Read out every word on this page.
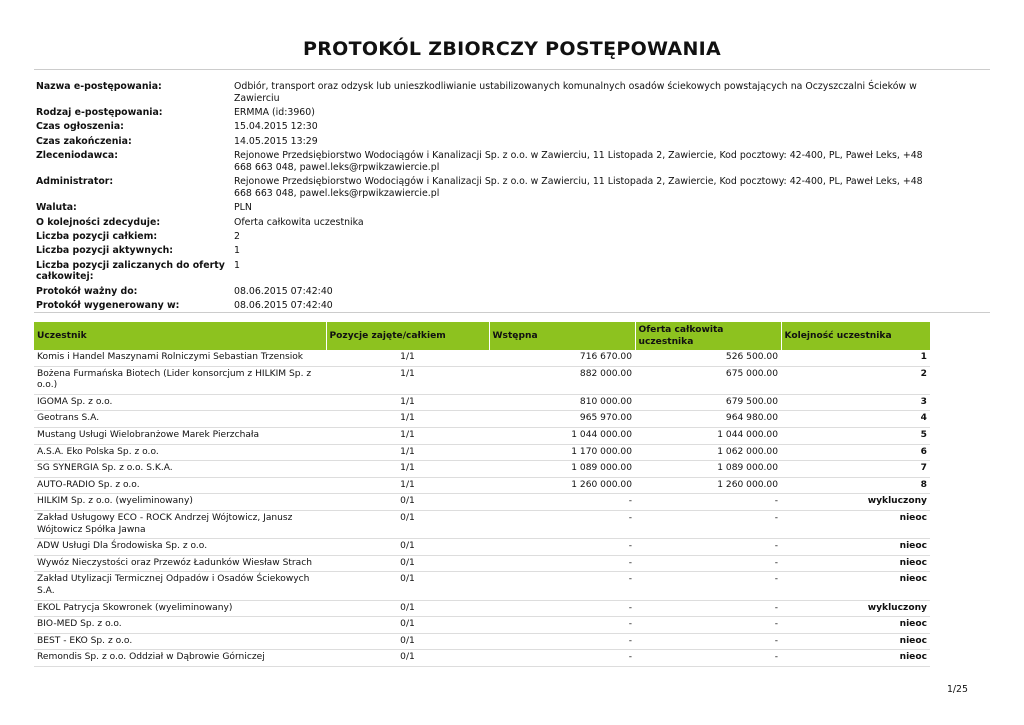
PROTOKÓL ZBIORCZY POSTĘPOWANIA
Nazwa e-postępowania:	Odbiór, transport oraz odzysk lub unieszkodliwianie ustabilizowanych komunalnych osadów ściekowych powstających na Oczyszczalni Ścieków w Zawierciu
Rodzaj e-postępowania:	ERMMA (id:3960)
Czas ogłoszenia:	15.04.2015 12:30
Czas zakończenia:	14.05.2015 13:29
Zleceniodawca:	Rejonowe Przedsiębiorstwo Wodociągów i Kanalizacji Sp. z o.o. w Zawierciu, 11 Listopada 2, Zawiercie, Kod pocztowy: 42-400, PL, Paweł Leks, +48 668 663 048, pawel.leks@rpwikzawiercie.pl
Administrator:	Rejonowe Przedsiębiorstwo Wodociągów i Kanalizacji Sp. z o.o. w Zawierciu, 11 Listopada 2, Zawiercie, Kod pocztowy: 42-400, PL, Paweł Leks, +48 668 663 048, pawel.leks@rpwikzawiercie.pl
Waluta:	PLN
O kolejności zdecyduje:	Oferta całkowita uczestnika
Liczba pozycji całkiem:	2
Liczba pozycji aktywnych:	1
Liczba pozycji zaliczanych do oferty całkowitej:	1
Protokół ważny do:	08.06.2015 07:42:40
Protokół wygenerowany w:	08.06.2015 07:42:40
Uczestnik	Pozycje zajęte/całkiem	Wstępna	Oferta całkowita uczestnika	Kolejność uczestnika
Komis i Handel Maszynami Rolniczymi Sebastian Trzensiok	1/1	716 670.00	526 500.00	1
Bożena Furmańska Biotech (Lider konsorcjum z HILKIM Sp. z o.o.)	1/1	882 000.00	675 000.00	2
IGOMA Sp. z o.o.	1/1	810 000.00	679 500.00	3
Geotrans S.A.	1/1	965 970.00	964 980.00	4
Mustang Usługi Wielobranżowe Marek Pierzchała	1/1	1 044 000.00	1 044 000.00	5
A.S.A. Eko Polska Sp. z o.o.	1/1	1 170 000.00	1 062 000.00	6
SG SYNERGIA Sp. z o.o. S.K.A.	1/1	1 089 000.00	1 089 000.00	7
AUTO-RADIO Sp. z o.o.	1/1	1 260 000.00	1 260 000.00	8
HILKIM Sp. z o.o. (wyeliminowany)	0/1	-	-	wykluczony
Zakład Usługowy ECO - ROCK Andrzej Wójtowicz, Janusz Wójtowicz Spółka Jawna	0/1	-	-	nieoc
ADW Usługi Dla Środowiska Sp. z o.o.	0/1	-	-	nieoc
Wywóz Nieczystości oraz Przewóz Ładunków Wiesław Strach	0/1	-	-	nieoc
Zakład Utylizacji Termicznej Odpadów i Osadów Ściekowych S.A.	0/1	-	-	nieoc
EKOL Patrycja Skowronek (wyeliminowany)	0/1	-	-	wykluczony
BIO-MED Sp. z o.o.	0/1	-	-	nieoc
BEST - EKO Sp. z o.o.	0/1	-	-	nieoc
Remondis Sp. z o.o. Oddział w Dąbrowie Górniczej	0/1	-	-	nieoc
1/25
